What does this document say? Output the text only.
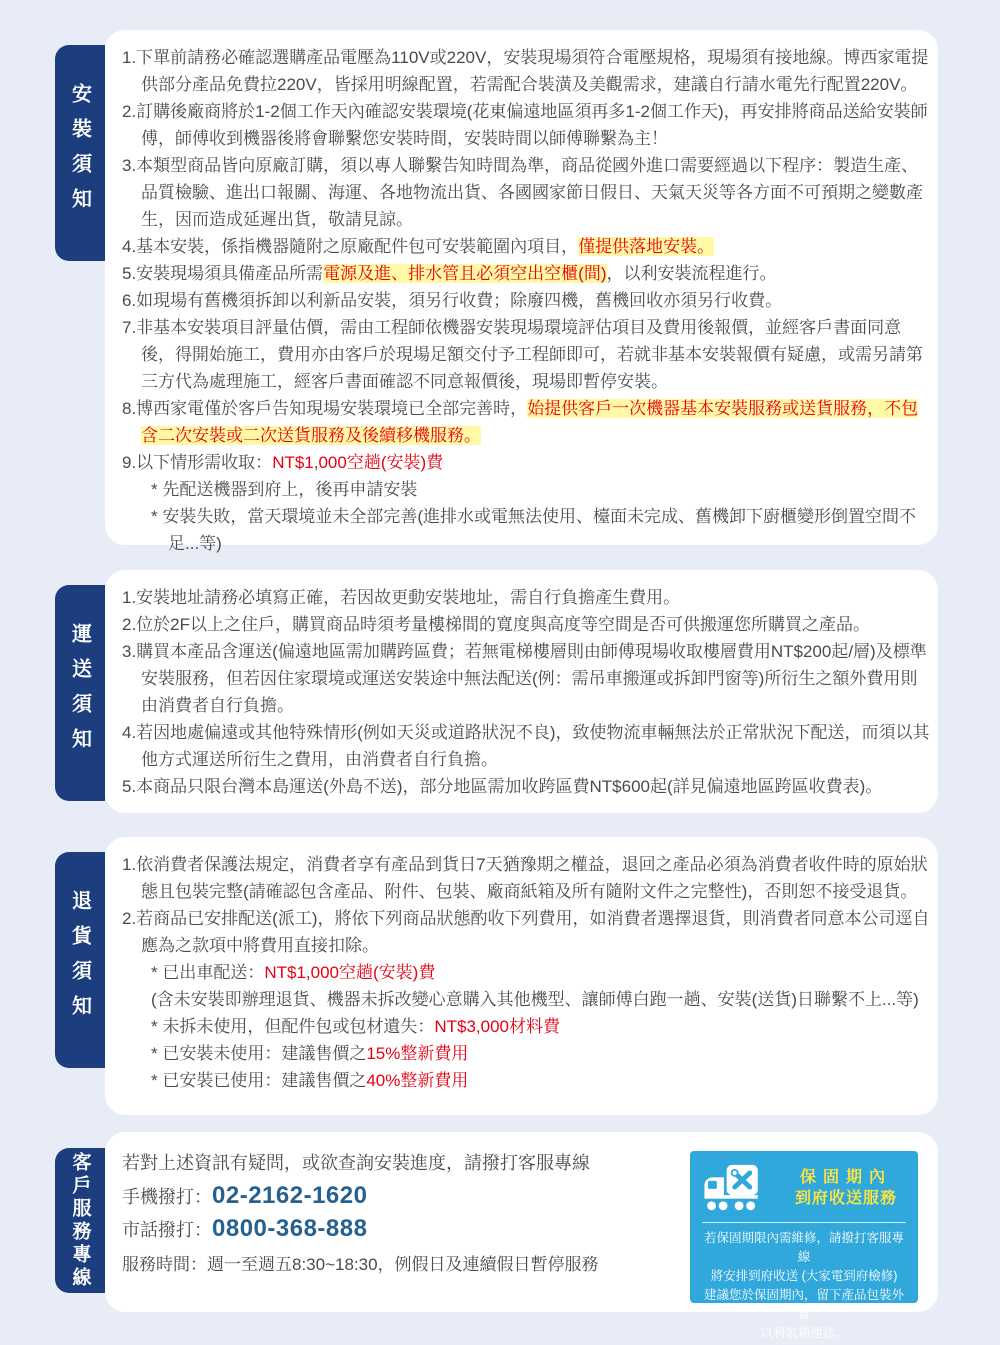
安裝須知
1.下單前請務必確認選購產品電壓為110V或220V，安裝現場須符合電壓規格，現場須有接地線。博西家電提供部分產品免費拉220V，皆採用明線配置，若需配合裝潢及美觀需求，建議自行請水電先行配置220V。
2.訂購後廠商將於1-2個工作天內確認安裝環境(花東偏遠地區須再多1-2個工作天)，再安排將商品送給安裝師傅，師傅收到機器後將會聯繫您安裝時間，安裝時間以師傅聯繫為主！
3.本類型商品皆向原廠訂購，須以專人聯繫告知時間為準，商品從國外進口需要經過以下程序：製造生產、品質檢驗、進出口報關、海運、各地物流出貨、各國國家節日假日、天氣天災等各方面不可預期之變數產生，因而造成延遲出貨，敬請見諒。
4.基本安裝，係指機器隨附之原廠配件包可安裝範圍內項目，僅提供落地安裝。
5.安裝現場須具備產品所需電源及進、排水管且必須空出空櫃(間)，以利安裝流程進行。
6.如現場有舊機須拆卸以利新品安裝，須另行收費；除廢四機，舊機回收亦須另行收費。
7.非基本安裝項目評量估價，需由工程師依機器安裝現場環境評估項目及費用後報價，並經客戶書面同意後，得開始施工，費用亦由客戶於現場足額交付予工程師即可，若就非基本安裝報價有疑慮，或需另請第三方代為處理施工，經客戶書面確認不同意報價後，現場即暫停安裝。
8.博西家電僅於客戶告知現場安裝環境已全部完善時，始提供客戶一次機器基本安裝服務或送貨服務，不包含二次安裝或二次送貨服務及後續移機服務。
9.以下情形需收取：NT$1,000空趟(安裝)費
* 先配送機器到府上，後再申請安裝
* 安裝失敗，當天環境並未全部完善(進排水或電無法使用、檯面未完成、舊機卸下廚櫃變形倒置空間不足...等)
運送須知
1.安裝地址請務必填寫正確，若因故更動安裝地址，需自行負擔產生費用。
2.位於2F以上之住戶，購買商品時須考量樓梯間的寬度與高度等空間是否可供搬運您所購買之產品。
3.購買本產品含運送(偏遠地區需加購跨區費；若無電梯樓層則由師傅現場收取樓層費用NT$200起/層)及標準安裝服務，但若因住家環境或運送安裝途中無法配送(例：需吊車搬運或拆卸門窗等)所衍生之額外費用則由消費者自行負擔。
4.若因地處偏遠或其他特殊情形(例如天災或道路狀況不良)，致使物流車輛無法於正常狀況下配送，而須以其他方式運送所衍生之費用，由消費者自行負擔。
5.本商品只限台灣本島運送(外島不送)，部分地區需加收跨區費NT$600起(詳見偏遠地區跨區收費表)。
退貨須知
1.依消費者保護法規定，消費者享有產品到貨日7天猶豫期之權益，退回之產品必須為消費者收件時的原始狀態且包裝完整(請確認包含產品、附件、包裝、廠商紙箱及所有隨附文件之完整性)，否則恕不接受退貨。
2.若商品已安排配送(派工)，將依下列商品狀態酌收下列費用，如消費者選擇退貨，則消費者同意本公司逕自應為之款項中將費用直接扣除。
* 已出車配送：NT$1,000空趟(安裝)費
(含未安裝即辦理退貨、機器未拆改變心意購入其他機型、讓師傅白跑一趟、安裝(送貨)日聯繫不上...等)
* 未拆未使用，但配件包或包材遺失：NT$3,000材料費
* 已安裝未使用：建議售價之15%整新費用
* 已安裝已使用：建議售價之40%整新費用
客戶服務專線	若對上述資訊有疑問，或欲查詢安裝進度，請撥打客服專線
手機撥打： 02-2162-1620
市話撥打： 0800-368-888
服務時間：週一至週五8:30~18:30，例假日及連續假日暫停服務
保固期內
到府收送服務
若保固期限內需維修，請撥打客服專線
將安排到府收送 (大家電到府檢修)
建議您於保固期內，留下產品包裝外盒
以利裝箱運送。
